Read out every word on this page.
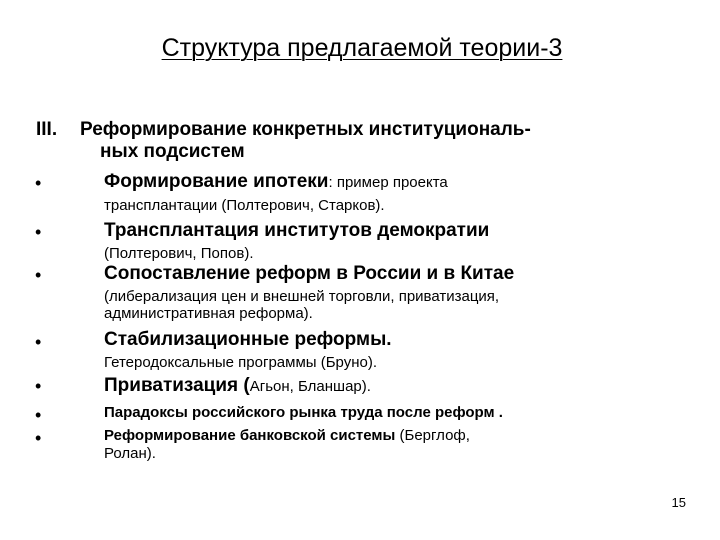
Структура предлагаемой теории-3
III. Реформирование конкретных институциональ-
ных подсистем
•	Формирование ипотеки: пример проекта
трансплантации (Полтерович, Старков).
•	Трансплантация институтов демократии
(Полтерович, Попов).
•	Сопоставление реформ в России и в Китае
(либерализация цен и внешней торговли, приватизация,
административная реформа).
•	Стабилизационные реформы.
Гетеродоксальные программы (Бруно).
•	Приватизация (Агьон, Бланшар).
•	Парадоксы российского рынка труда после реформ .
•	Реформирование банковской системы (Берглоф,
Ролан).
15
